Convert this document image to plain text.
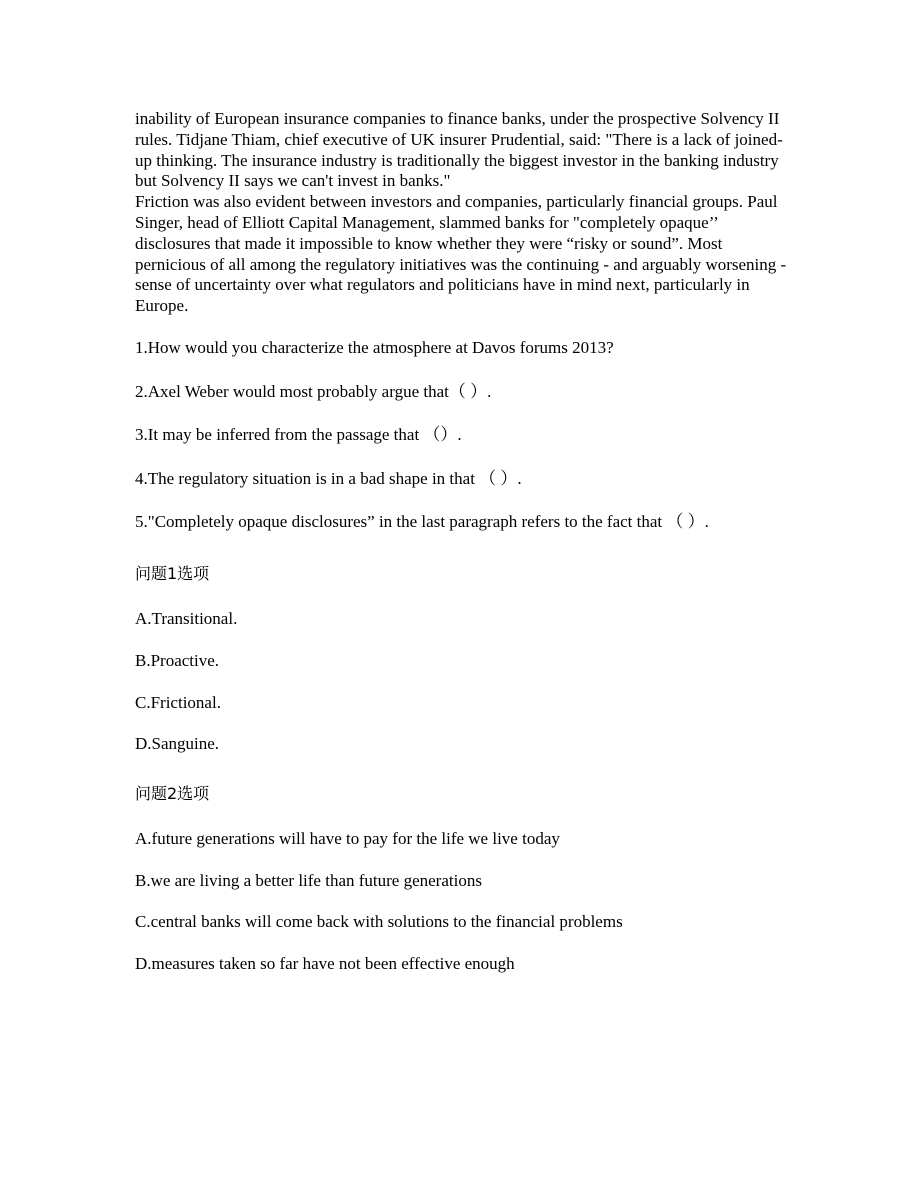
inability of European insurance companies to finance banks, under the prospective Solvency II rules. Tidjane Thiam, chief executive of UK insurer Prudential, said: "There is a lack of joined-up thinking. The insurance industry is traditionally the biggest investor in the banking industry but Solvency II says we can't invest in banks."

Friction was also evident between investors and companies, particularly financial groups. Paul Singer, head of Elliott Capital Management, slammed banks for "completely opaque’’ disclosures that made it impossible to know whether they were “risky or sound”. Most pernicious of all among the regulatory initiatives was the continuing - and arguably worsening -sense of uncertainty over what regulators and politicians have in mind next, particularly in Europe.

1.How would you characterize the atmosphere at Davos forums 2013?

2.Axel Weber would most probably argue that（ ）.

3.It may be inferred from the passage that （）.

4.The regulatory situation is in a bad shape in that （ ）.

5."Completely opaque disclosures” in the last paragraph refers to the fact that （ ）.

问题1选项

A.Transitional.

B.Proactive.

C.Frictional.

D.Sanguine.

问题2选项

A.future generations will have to pay for the life we live today

B.we are living a better life than future generations

C.central banks will come back with solutions to the financial problems

D.measures taken so far have not been effective enough
